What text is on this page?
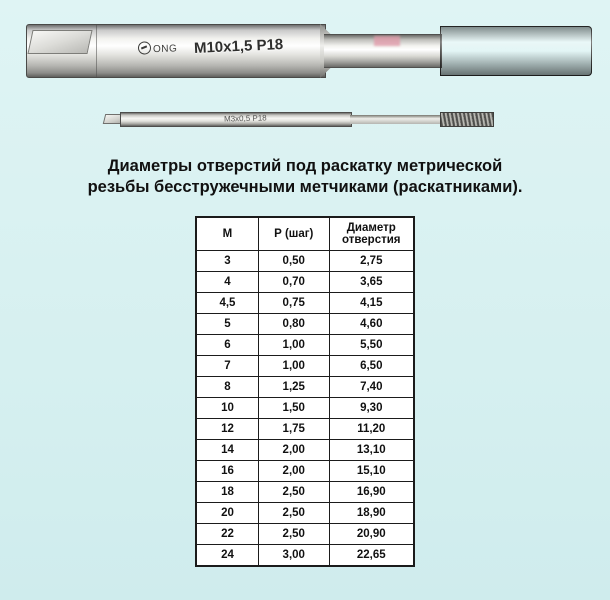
ONG M10x1,5 P18
M3x0,5 P18
Диаметры отверстий под раскатку метрической
резьбы бесстружечными метчиками (раскатниками).
М	Р (шаг)	Диаметр отверстия
3	0,50	2,75
4	0,70	3,65
4,5	0,75	4,15
5	0,80	4,60
6	1,00	5,50
7	1,00	6,50
8	1,25	7,40
10	1,50	9,30
12	1,75	11,20
14	2,00	13,10
16	2,00	15,10
18	2,50	16,90
20	2,50	18,90
22	2,50	20,90
24	3,00	22,65
